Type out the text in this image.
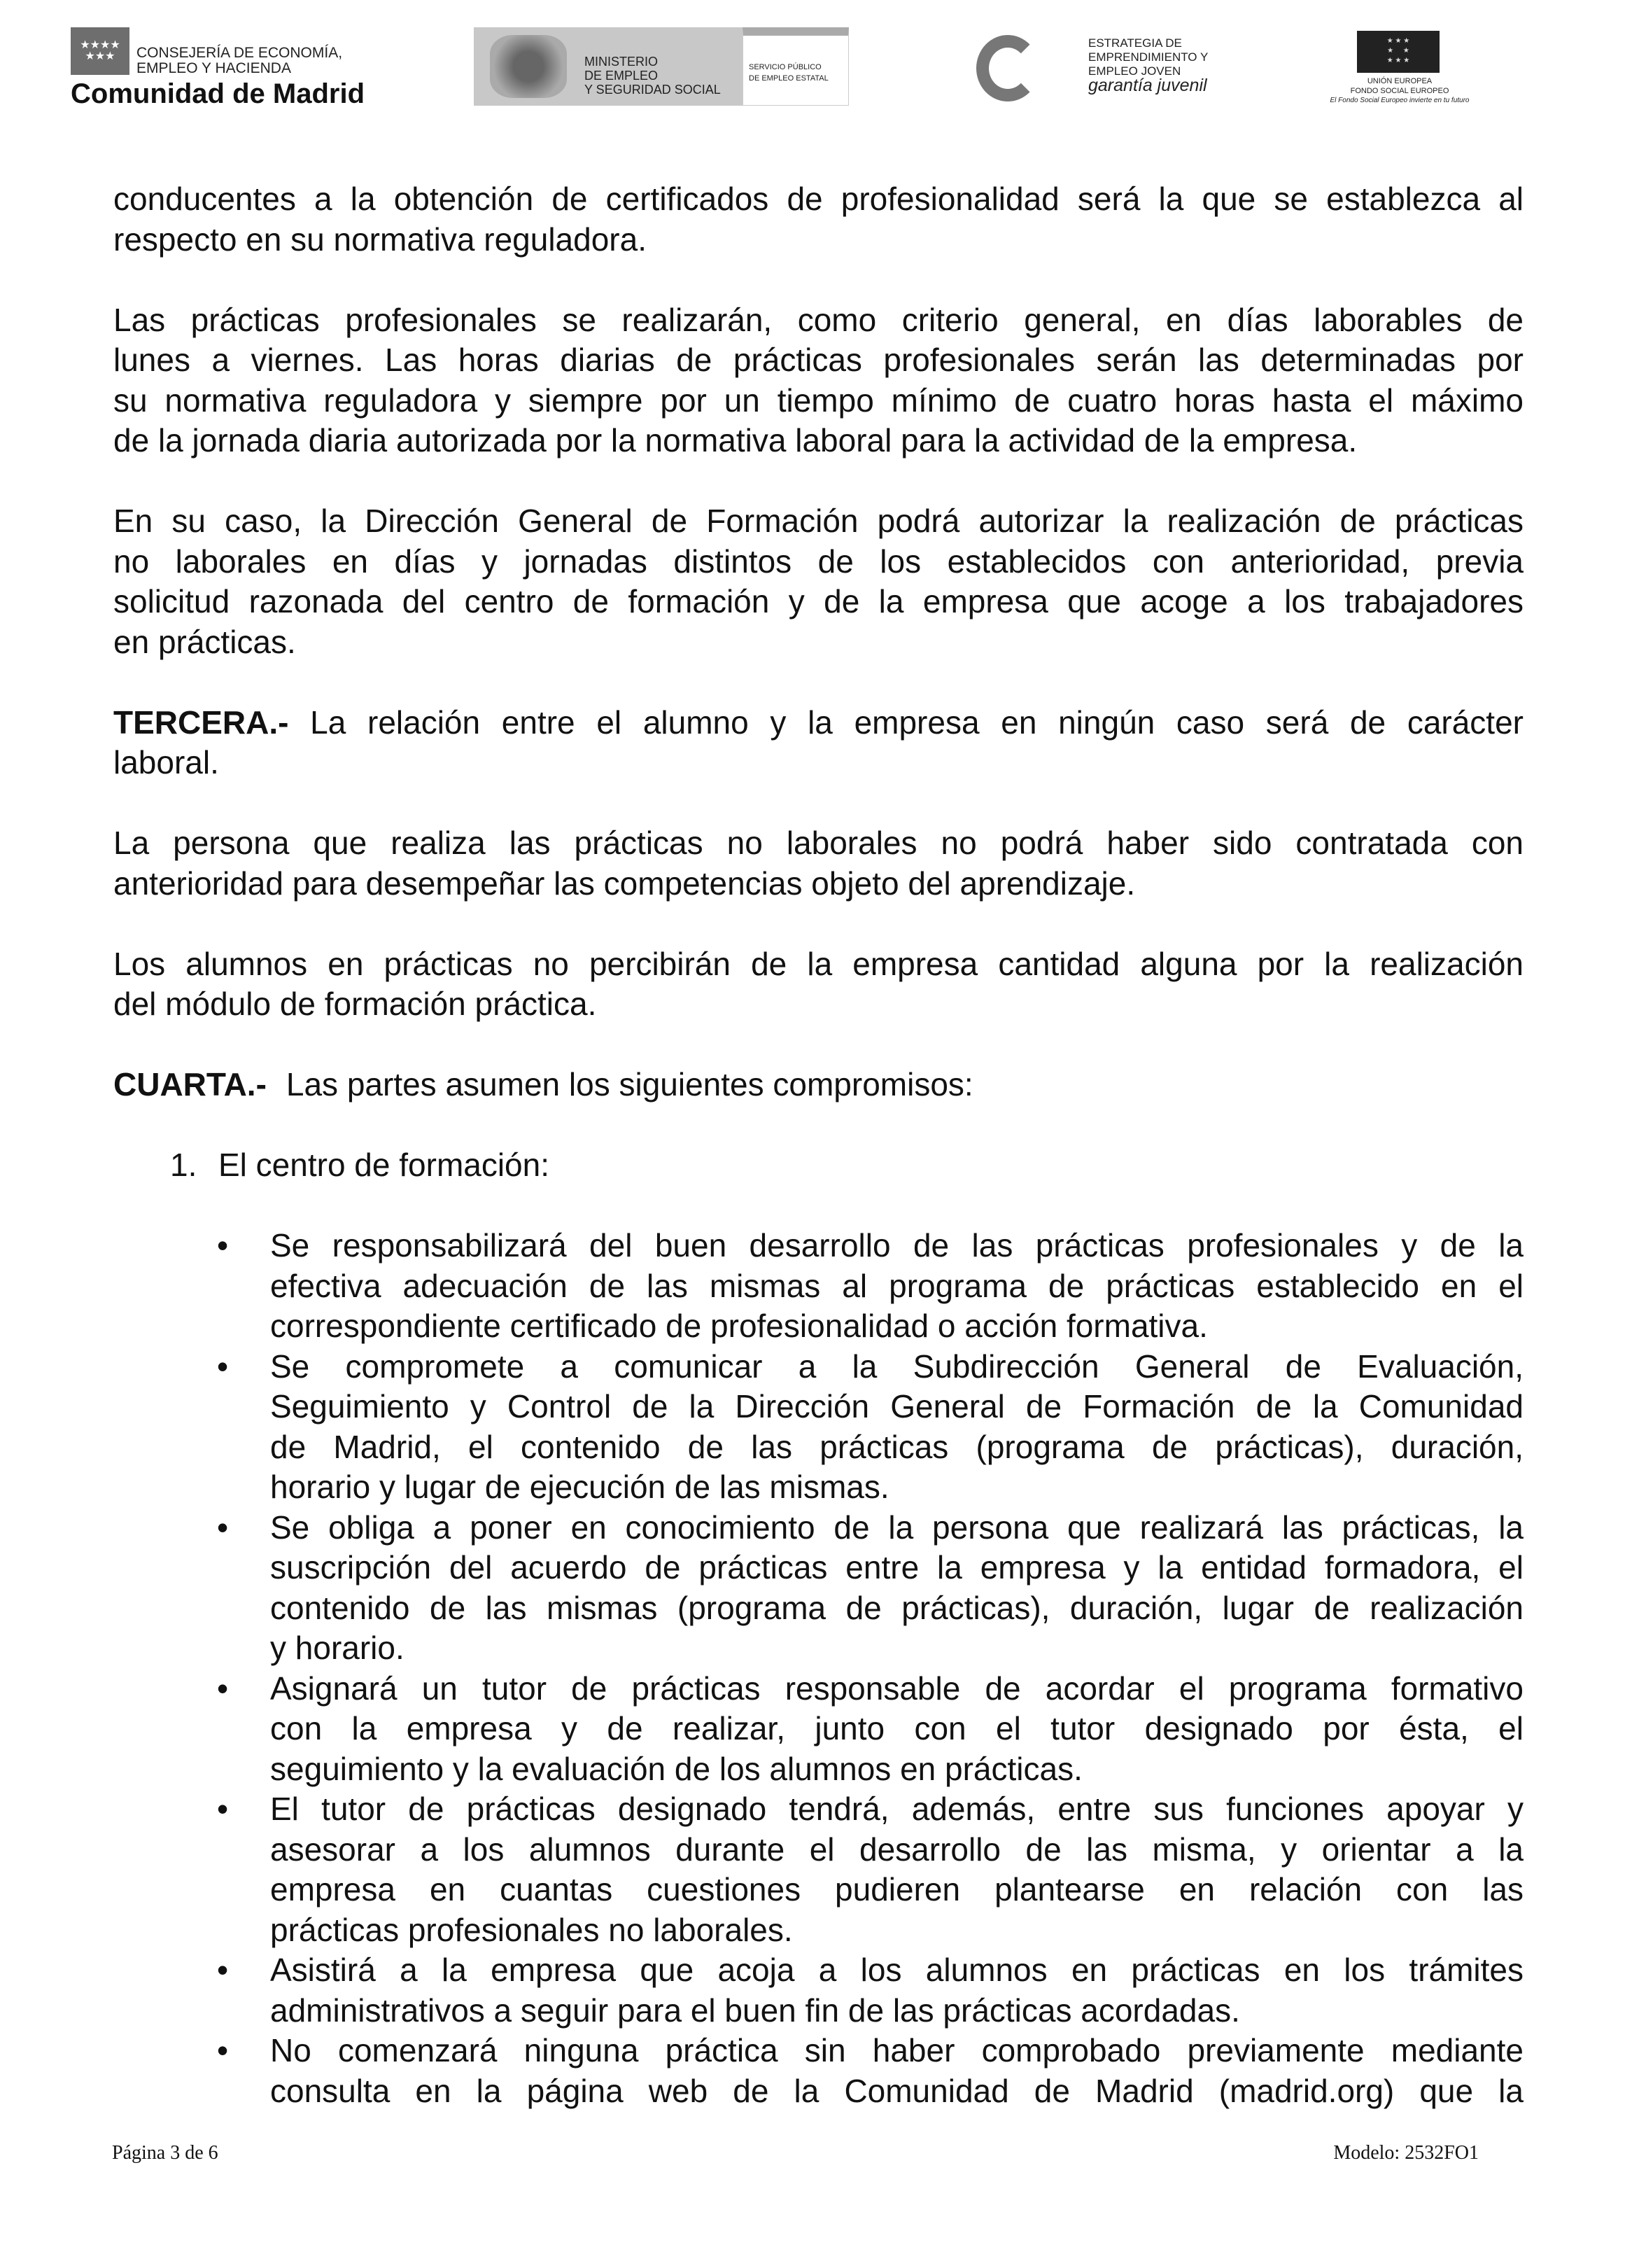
★★★★
★★★	CONSEJERÍA DE ECONOMÍA,
EMPLEO Y HACIENDA
Comunidad de Madrid
MINISTERIO
DE EMPLEO
Y SEGURIDAD SOCIAL
SERVICIO PÚBLICO
DE EMPLEO ESTATAL
ESTRATEGIA DE
EMPRENDIMIENTO Y
EMPLEO JOVEN
garantía juvenil
★ ★ ★
★     ★
★ ★ ★
UNIÓN EUROPEA
FONDO SOCIAL EUROPEO
El Fondo Social Europeo invierte en tu futuro
conducentes a la obtención de certificados de profesionalidad será la que se establezca al
respecto en su normativa reguladora.
Las prácticas profesionales se realizarán, como criterio general, en días laborables de
lunes a viernes. Las horas diarias de prácticas profesionales serán las determinadas por
su normativa reguladora y siempre por un tiempo mínimo de cuatro horas hasta el máximo
de la jornada diaria autorizada por la normativa laboral para la actividad de la empresa.
En su caso, la Dirección General de Formación podrá autorizar la realización de prácticas
no laborales en días y jornadas distintos de los establecidos con anterioridad, previa
solicitud razonada del centro de formación y de la empresa que acoge a los trabajadores
en prácticas.
TERCERA.- La relación entre el alumno y la empresa en ningún caso será de carácter
laboral.
La persona que realiza las prácticas no laborales no podrá haber sido contratada con
anterioridad para desempeñar las competencias objeto del aprendizaje.
Los alumnos en prácticas no percibirán de la empresa cantidad alguna por la realización
del módulo de formación práctica.
CUARTA.- Las partes asumen los siguientes compromisos:
1. El centro de formación:
• Se responsabilizará del buen desarrollo de las prácticas profesionales y de la
efectiva adecuación de las mismas al programa de prácticas establecido en el
correspondiente certificado de profesionalidad o acción formativa.
• Se compromete a comunicar a la Subdirección General de Evaluación,
Seguimiento y Control de la Dirección General de Formación de la Comunidad
de Madrid, el contenido de las prácticas (programa de prácticas), duración,
horario y lugar de ejecución de las mismas.
• Se obliga a poner en conocimiento de la persona que realizará las prácticas, la
suscripción del acuerdo de prácticas entre la empresa y la entidad formadora, el
contenido de las mismas (programa de prácticas), duración, lugar de realización
y horario.
• Asignará un tutor de prácticas responsable de acordar el programa formativo
con la empresa y de realizar, junto con el tutor designado por ésta, el
seguimiento y la evaluación de los alumnos en prácticas.
• El tutor de prácticas designado tendrá, además, entre sus funciones apoyar y
asesorar a los alumnos durante el desarrollo de las misma, y orientar a la
empresa en cuantas cuestiones pudieren plantearse en relación con las
prácticas profesionales no laborales.
• Asistirá a la empresa que acoja a los alumnos en prácticas en los trámites
administrativos a seguir para el buen fin de las prácticas acordadas.
• No comenzará ninguna práctica sin haber comprobado previamente mediante
consulta en la página web de la Comunidad de Madrid (madrid.org) que la
Página 3 de 6	Modelo: 2532FO1
